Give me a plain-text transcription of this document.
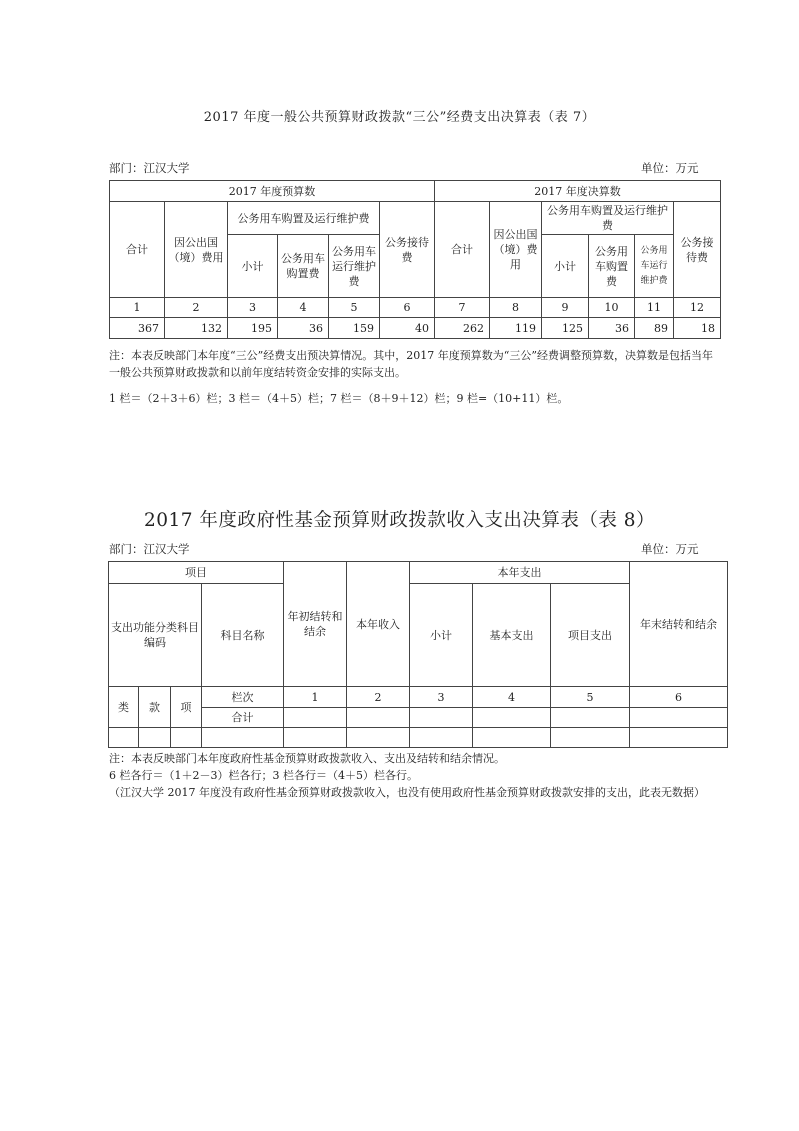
2017 年度一般公共预算财政拨款“三公”经费支出决算表（表 7）
部门：江汉大学	单位：万元
2017 年度预算数						2017 年度决算数					
合计	因公出国（境）费用	公务用车购置及运行维护费			公务接待费	合计	因公出国（境）费用	公务用车购置及运行维护费			公务接待费
		小计	公务用车购置费	公务用车运行维护费				小计	公务用车购置费	公务用车运行维护费	
1	2	3	4	5	6	7	8	9	10	11	12
367	132	195	36	159	40	262	119	125	36	89	18
注：本表反映部门本年度“三公”经费支出预决算情况。其中，2017 年度预算数为“三公”经费调整预算数，决算数是包括当年一般公共预算财政拨款和以前年度结转资金安排的实际支出。
1 栏＝（2＋3＋6）栏；3 栏＝（4＋5）栏；7 栏＝（8＋9＋12）栏；9 栏=（10+11）栏。
2017 年度政府性基金预算财政拨款收入支出决算表（表 8）
部门：江汉大学	单位：万元
项目				年初结转和结余	本年收入	本年支出			年末结转和结余
支出功能分类科目编码			科目名称			小计	基本支出	项目支出	

类	款	项	栏次	1	2	3	4	5	6
			合计						

注：本表反映部门本年度政府性基金预算财政拨款收入、支出及结转和结余情况。
6 栏各行＝（1＋2－3）栏各行；3 栏各行＝（4＋5）栏各行。
（江汉大学 2017 年度没有政府性基金预算财政拨款收入，也没有使用政府性基金预算财政拨款安排的支出，此表无数据）
